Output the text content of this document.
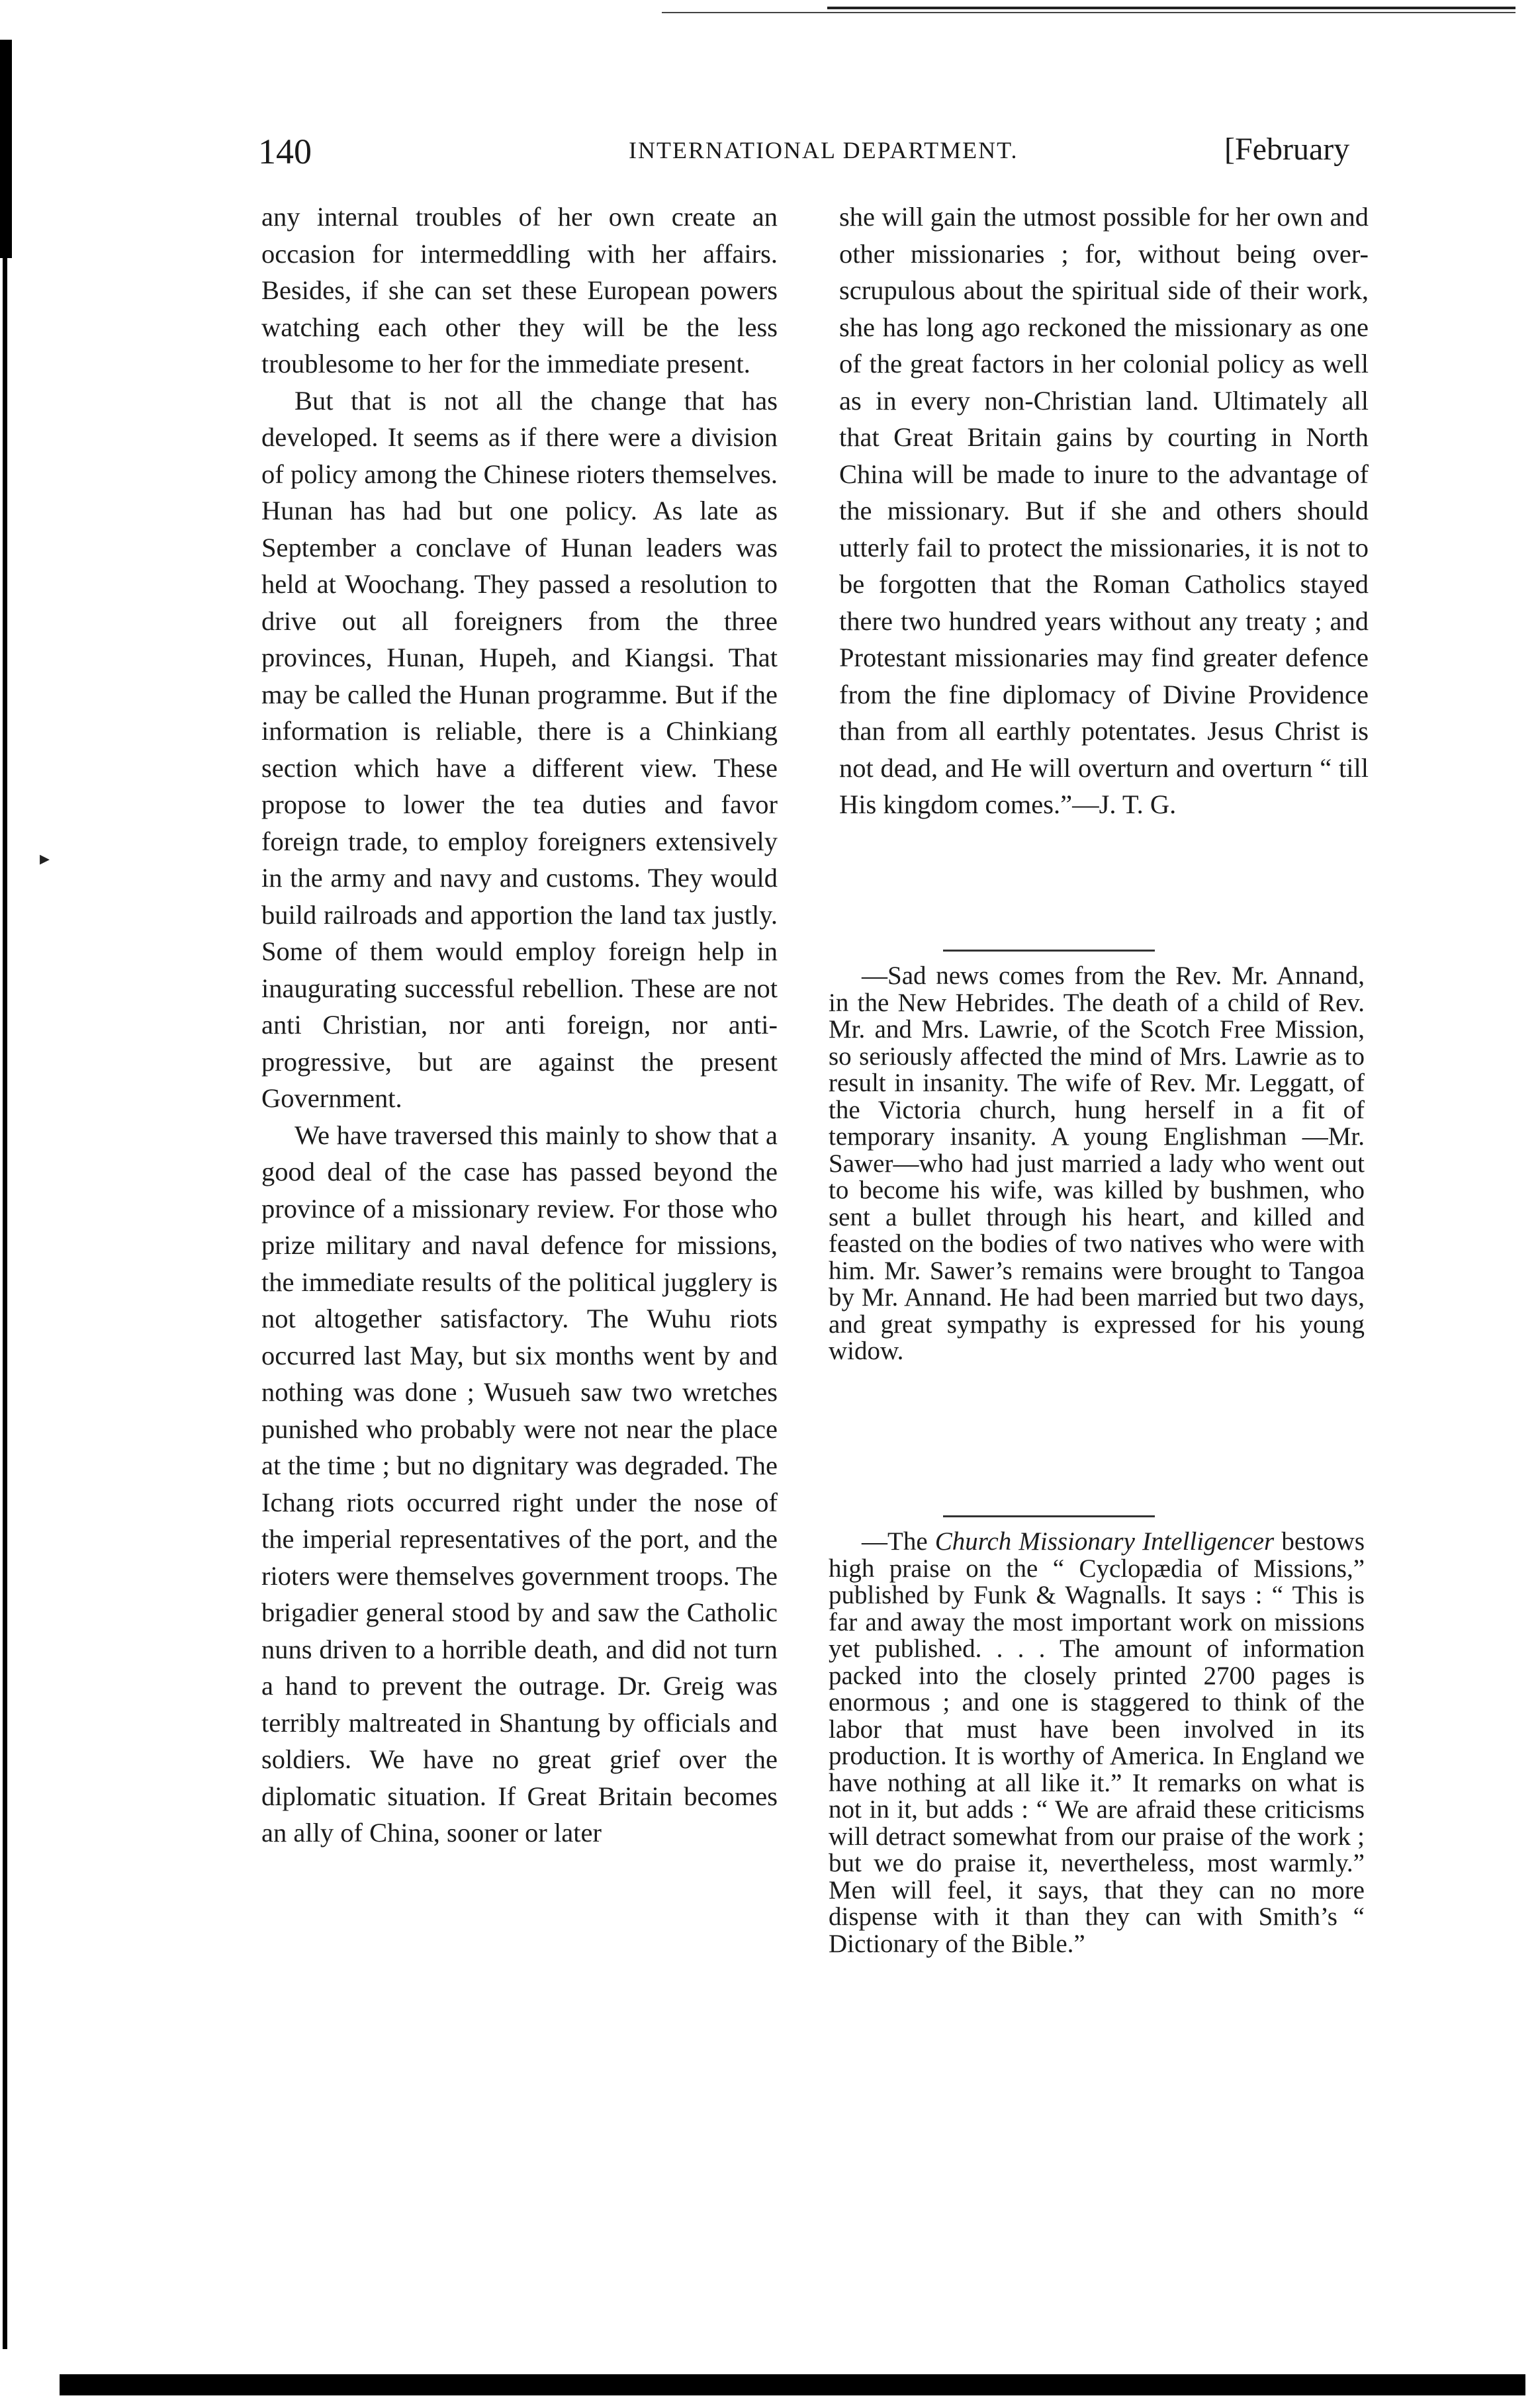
▸
140	INTERNATIONAL DEPARTMENT.	[February

any internal troubles of her own create an occasion for intermeddling with her affairs. Besides, if she can set these European powers watching each other they will be the less troublesome to her for the immediate present.

But that is not all the change that has developed. It seems as if there were a division of policy among the Chinese rioters themselves. Hunan has had but one policy. As late as September a conclave of Hunan leaders was held at Woochang. They passed a resolution to drive out all foreigners from the three provinces, Hunan, Hupeh, and Kiangsi. That may be called the Hunan programme. But if the information is reliable, there is a Chinkiang section which have a different view. These propose to lower the tea duties and favor foreign trade, to employ foreigners extensively in the army and navy and customs. They would build railroads and apportion the land tax justly. Some of them would employ foreign help in inaugurating successful rebellion. These are not anti Christian, nor anti foreign, nor anti-progressive, but are against the present Government.

We have traversed this mainly to show that a good deal of the case has passed beyond the province of a missionary review. For those who prize military and naval defence for missions, the immediate results of the political jugglery is not altogether satisfactory. The Wuhu riots occurred last May, but six months went by and nothing was done ; Wusueh saw two wretches punished who probably were not near the place at the time ; but no dignitary was degraded. The Ichang riots occurred right under the nose of the imperial representatives of the port, and the rioters were themselves government troops. The brigadier general stood by and saw the Catholic nuns driven to a horrible death, and did not turn a hand to prevent the outrage. Dr. Greig was terribly maltreated in Shantung by officials and soldiers. We have no great grief over the diplomatic situation. If Great Britain becomes an ally of China, sooner or later

she will gain the utmost possible for her own and other missionaries ; for, without being over-scrupulous about the spiritual side of their work, she has long ago reckoned the missionary as one of the great factors in her colonial policy as well as in every non-Christian land. Ultimately all that Great Britain gains by courting in North China will be made to inure to the advantage of the missionary. But if she and others should utterly fail to protect the missionaries, it is not to be forgotten that the Roman Catholics stayed there two hundred years without any treaty ; and Protestant missionaries may find greater defence from the fine diplomacy of Divine Providence than from all earthly potentates. Jesus Christ is not dead, and He will overturn and overturn “ till His kingdom comes.”—J. T. G.

—Sad news comes from the Rev. Mr. Annand, in the New Hebrides. The death of a child of Rev. Mr. and Mrs. Lawrie, of the Scotch Free Mission, so seriously affected the mind of Mrs. Lawrie as to result in insanity. The wife of Rev. Mr. Leggatt, of the Victoria church, hung herself in a fit of temporary insanity. A young Englishman —Mr. Sawer—who had just married a lady who went out to become his wife, was killed by bushmen, who sent a bullet through his heart, and killed and feasted on the bodies of two natives who were with him. Mr. Sawer’s remains were brought to Tangoa by Mr. Annand. He had been married but two days, and great sympathy is expressed for his young widow.

—The Church Missionary Intelligencer bestows high praise on the “ Cyclopædia of Missions,” published by Funk & Wagnalls. It says : “ This is far and away the most important work on missions yet published. . . . The amount of information packed into the closely printed 2700 pages is enormous ; and one is staggered to think of the labor that must have been involved in its production. It is worthy of America. In England we have nothing at all like it.” It remarks on what is not in it, but adds : “ We are afraid these criticisms will detract somewhat from our praise of the work ; but we do praise it, nevertheless, most warmly.” Men will feel, it says, that they can no more dispense with it than they can with Smith’s “ Dictionary of the Bible.”
